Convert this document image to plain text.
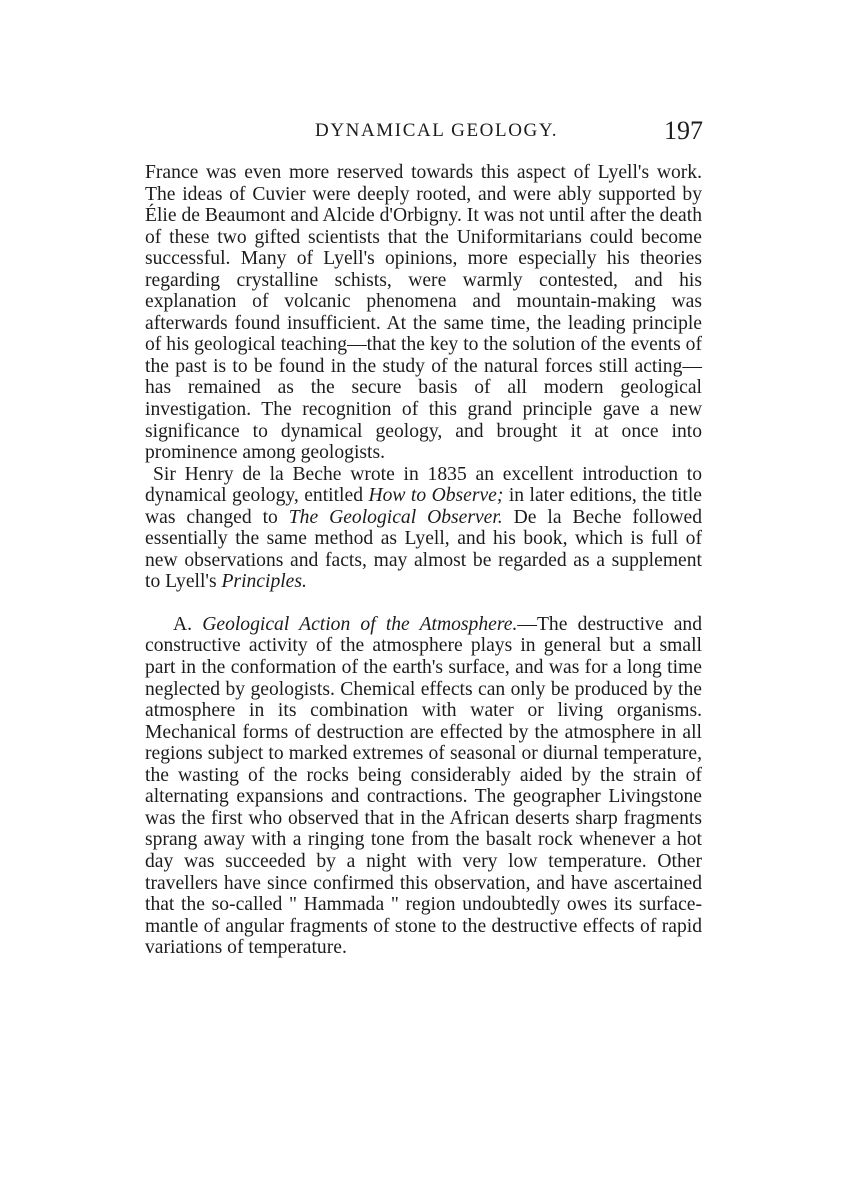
DYNAMICAL GEOLOGY.	197

France was even more reserved towards this aspect of Lyell's work. The ideas of Cuvier were deeply rooted, and were ably supported by Élie de Beaumont and Alcide d'Orbigny. It was not until after the death of these two gifted scientists that the Uniformitarians could become successful. Many of Lyell's opinions, more especially his theories regarding crystalline schists, were warmly contested, and his explanation of volcanic phenomena and mountain-making was afterwards found insufficient. At the same time, the leading principle of his geological teaching—that the key to the solution of the events of the past is to be found in the study of the natural forces still acting—has remained as the secure basis of all modern geological investigation. The recognition of this grand principle gave a new significance to dynamical geology, and brought it at once into prominence among geologists.

Sir Henry de la Beche wrote in 1835 an excellent introduction to dynamical geology, entitled How to Observe; in later editions, the title was changed to The Geological Observer. De la Beche followed essentially the same method as Lyell, and his book, which is full of new observations and facts, may almost be regarded as a supplement to Lyell's Principles.

A. Geological Action of the Atmosphere.—The destructive and constructive activity of the atmosphere plays in general but a small part in the conformation of the earth's surface, and was for a long time neglected by geologists. Chemical effects can only be produced by the atmosphere in its combination with water or living organisms. Mechanical forms of destruction are effected by the atmosphere in all regions subject to marked extremes of seasonal or diurnal temperature, the wasting of the rocks being considerably aided by the strain of alternating expansions and contractions. The geographer Livingstone was the first who observed that in the African deserts sharp fragments sprang away with a ringing tone from the basalt rock whenever a hot day was succeeded by a night with very low temperature. Other travellers have since confirmed this observation, and have ascertained that the so-called " Hammada " region undoubtedly owes its surface-mantle of angular fragments of stone to the destructive effects of rapid variations of temperature.
